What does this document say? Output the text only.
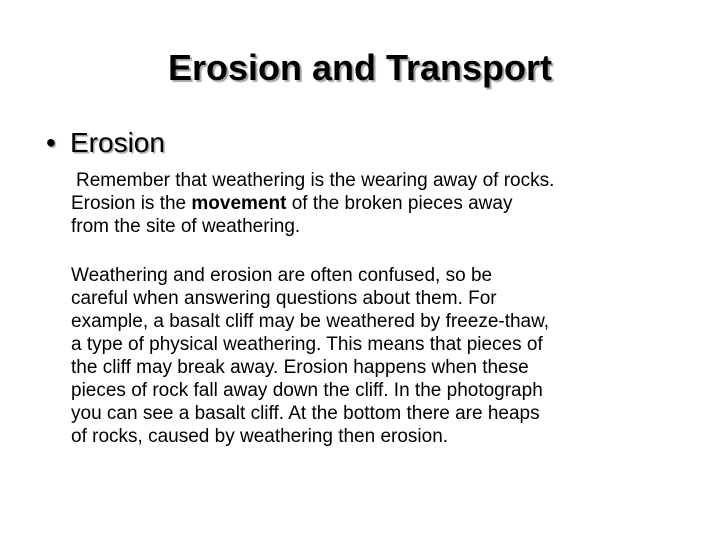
Erosion and Transport
• Erosion

Remember that weathering is the wearing away of rocks.
Erosion is the movement of the broken pieces away
from the site of weathering.

Weathering and erosion are often confused, so be
careful when answering questions about them. For
example, a basalt cliff may be weathered by freeze-thaw,
a type of physical weathering. This means that pieces of
the cliff may break away. Erosion happens when these
pieces of rock fall away down the cliff. In the photograph
you can see a basalt cliff. At the bottom there are heaps
of rocks, caused by weathering then erosion.
